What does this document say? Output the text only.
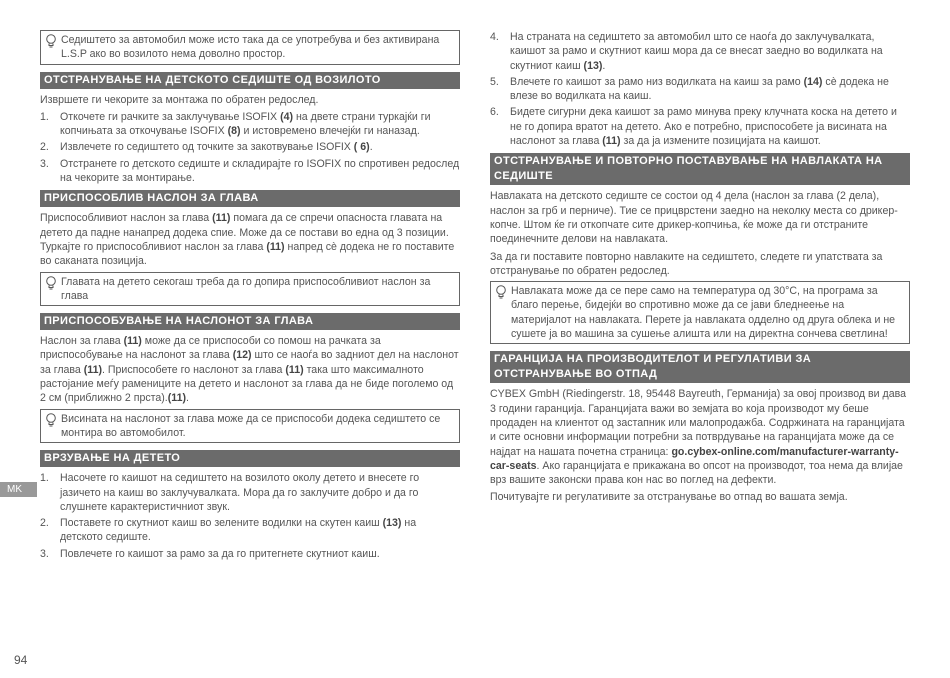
Седиштето за автомобил може исто така да се употребува и без активирана L.S.P ако во возилото нема доволно простор.
ОТСТРАНУВАЊЕ НА ДЕТСКОТО СЕДИШТЕ ОД ВОЗИЛОТО

Извршете ги чекорите за монтажа по обратен редослед.

1. Откочете ги рачките за заклучување ISOFIX (4) на двете страни туркајќи ги копчињата за откочување ISOFIX (8) и истовремено влечејќи ги наназад.
2. Извлечете го седиштето од точките за закотвување ISOFIX ( 6).
3. Отстранете го детското седиште и складирајте го ISOFIX по спротивен редослед на чекорите за монтирање.
ПРИСПОСОБЛИВ НАСЛОН ЗА ГЛАВА

Приспособливиот наслон за глава (11) помага да се спречи опасноста главата на детето да падне нанапред додека спие. Може да се постави во една од 3 позиции. Туркајте го приспособливиот наслон за глава (11) напред сè додека не го поставите во саканата позиција.

Главата на детето секогаш треба да го допира приспособливиот наслон за глава
ПРИСПОСОБУВАЊЕ НА НАСЛОНОТ ЗА ГЛАВА

Наслон за глава (11) може да се приспособи со помош на рачката за приспособување на наслонот за глава (12) што се наоѓа во задниот дел на наслонот за глава (11). Приспособете го наслонот за глава (11) така што максималното растојание меѓу рамениците на детето и наслонот за глава да не биде поголемо од 2 см (приближно 2 прста).(11).

Висината на наслонот за глава може да се приспособи додека седиштето се монтира во автомобилот.
ВРЗУВАЊЕ НА ДЕТЕТО
1. Насочете го каишот на седиштето на возилото околу детето и внесете го јазичето на каиш во заклучувалката. Мора да го заклучите добро и да го слушнете карактеристичниот звук.
2. Поставете го скутниот каиш во зелените водилки на скутен каиш (13) на детското седиште.
3. Повлечете го каишот за рамо за да го притегнете скутниот каиш.
4. На страната на седиштето за автомобил што се наоѓа до заклучувалката, каишот за рамо и скутниот каиш мора да се внесат заедно во водилката на скутниот каиш (13).
5. Влечете го каишот за рамо низ водилката на каиш за рамо (14) сè додека не влезе во водилката на каиш.
6. Бидете сигурни дека каишот за рамо минува преку клучната коска на детето и не го допира вратот на детето. Ако е потребно, приспособете ја висината на наслонот за глава (11) за да ја измените позицијата на каишот.
ОТСТРАНУВАЊЕ И ПОВТОРНО ПОСТАВУВАЊЕ НА НАВЛАКАТА НА СЕДИШТЕ

Навлаката на детското седиште се состои од 4 дела (наслон за глава (2 дела), наслон за грб и перниче). Тие се прицврстени заедно на неколку места со дрикер-копче. Штом ќе ги откопчате сите дрикер-копчиња, ќе може да ги отстраните поединечните делови на навлаката.

За да ги поставите повторно навлаките на седиштето, следете ги упатствата за отстранување по обратен редослед.

Навлаката може да се пере само на температура од 30°C, на програма за благо перење, бидејќи во спротивно може да се јави бледнеење на материјалот на навлаката. Перете ја навлаката одделно од друга облека и не сушете ја во машина за сушење алишта или на директна сончева светлина!
ГАРАНЦИЈА НА ПРОИЗВОДИТЕЛОТ И РЕГУЛАТИВИ ЗА ОТСТРАНУВАЊЕ ВО ОТПАД

CYBEX GmbH (Riedingerstr. 18, 95448 Bayreuth, Германија) за овој производ ви дава 3 години гаранција. Гаранцијата важи во земјата во која производот му беше продаден на клиентот од застапник или малопродажба. Содржината на гаранцијата и сите основни информации потребни за потврдување на гаранцијата може да се најдат на нашата почетна страница: go.cybex-online.com/manufacturer-warranty-car-seats. Ако гаранцијата е прикажана во опсот на производот, тоа нема да влијае врз вашите законски права кон нас во поглед на дефекти.

Почитувајте ги регулативите за отстранување во отпад во вашата земја.

MK
94
